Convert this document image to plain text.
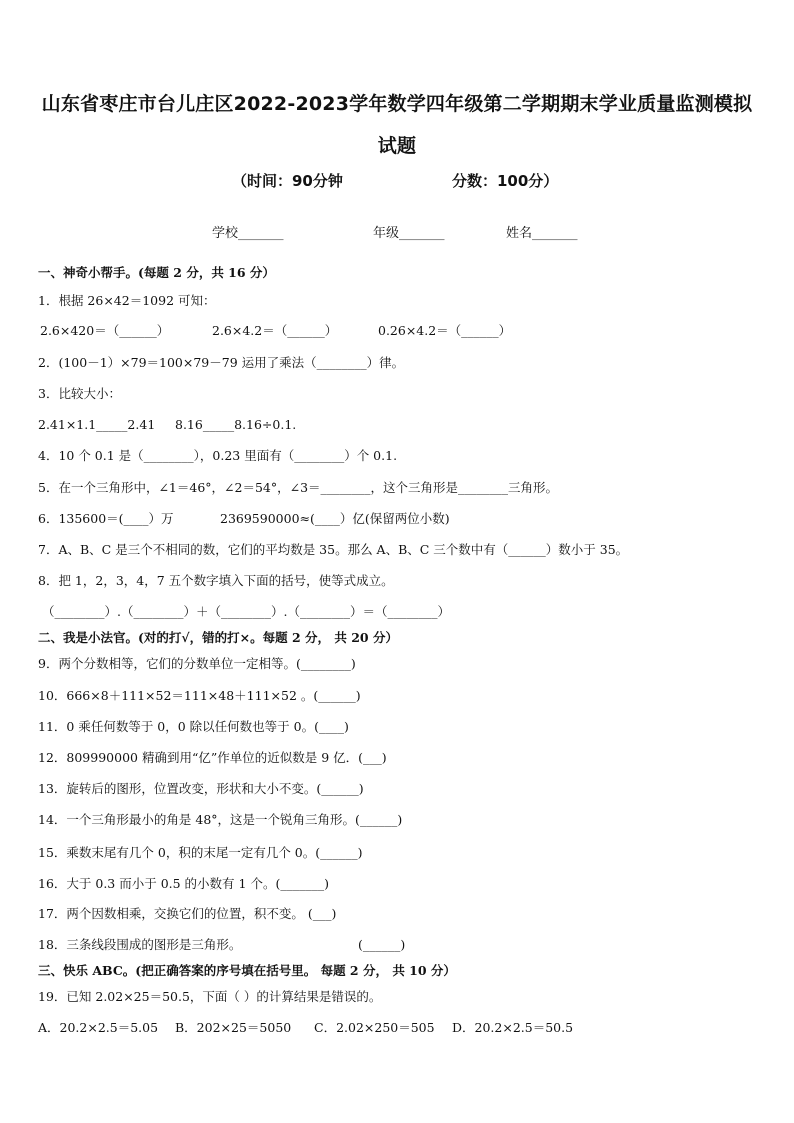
山东省枣庄市台儿庄区2022-2023学年数学四年级第二学期期末学业质量监测模拟试题
（时间：90分钟	分数：100分）
学校_______	年级_______	姓名_______
一、神奇小帮手。(每题 2 分，共 16 分）
1．根据 26×42＝1092 可知：
2.6×420＝（______）	2.6×4.2＝（______）	0.26×4.2＝（______）
2．(100－1）×79＝100×79－79 运用了乘法（________）律。
3．比较大小：
2.41×1.1_____2.41 8.16_____8.16÷0.1.
4．10 个 0.1 是（________），0.23 里面有（________）个 0.1.
5．在一个三角形中，∠1＝46°，∠2＝54°，∠3＝________，这个三角形是________三角形。
6．135600＝(____）万	2369590000≈(____）亿(保留两位小数)
7．A、B、C 是三个不相同的数，它们的平均数是 35。那么 A、B、C 三个数中有（______）数小于 35。
8．把 1，2，3，4，7 五个数字填入下面的括号，使等式成立。
（________）.（________）＋（________）.（________）＝（________）
二、我是小法官。(对的打√，错的打×。每题 2 分， 共 20 分）
9．两个分数相等，它们的分数单位一定相等。(________)
10．666×8＋111×52＝111×48＋111×52 。(______)
11．0 乘任何数等于 0，0 除以任何数也等于 0。(____)
12．809990000 精确到用“亿”作单位的近似数是 9 亿．(___)
13．旋转后的图形，位置改变，形状和大小不变。(______)
14．一个三角形最小的角是 48°，这是一个锐角三角形。(______)
15．乘数末尾有几个 0，积的末尾一定有几个 0。(______)
16．大于 0.3 而小于 0.5 的小数有 1 个。(_______)
17．两个因数相乘，交换它们的位置，积不变。 (___)
18．三条线段围成的图形是三角形。	(______)
三、快乐 ABC。(把正确答案的序号填在括号里。 每题 2 分， 共 10 分）
19．已知 2.02×25＝50.5，下面（ ）的计算结果是错误的。
A．20.2×2.5＝5.05 B．202×25＝5050 C．2.02×250＝505 D．20.2×2.5＝50.5
